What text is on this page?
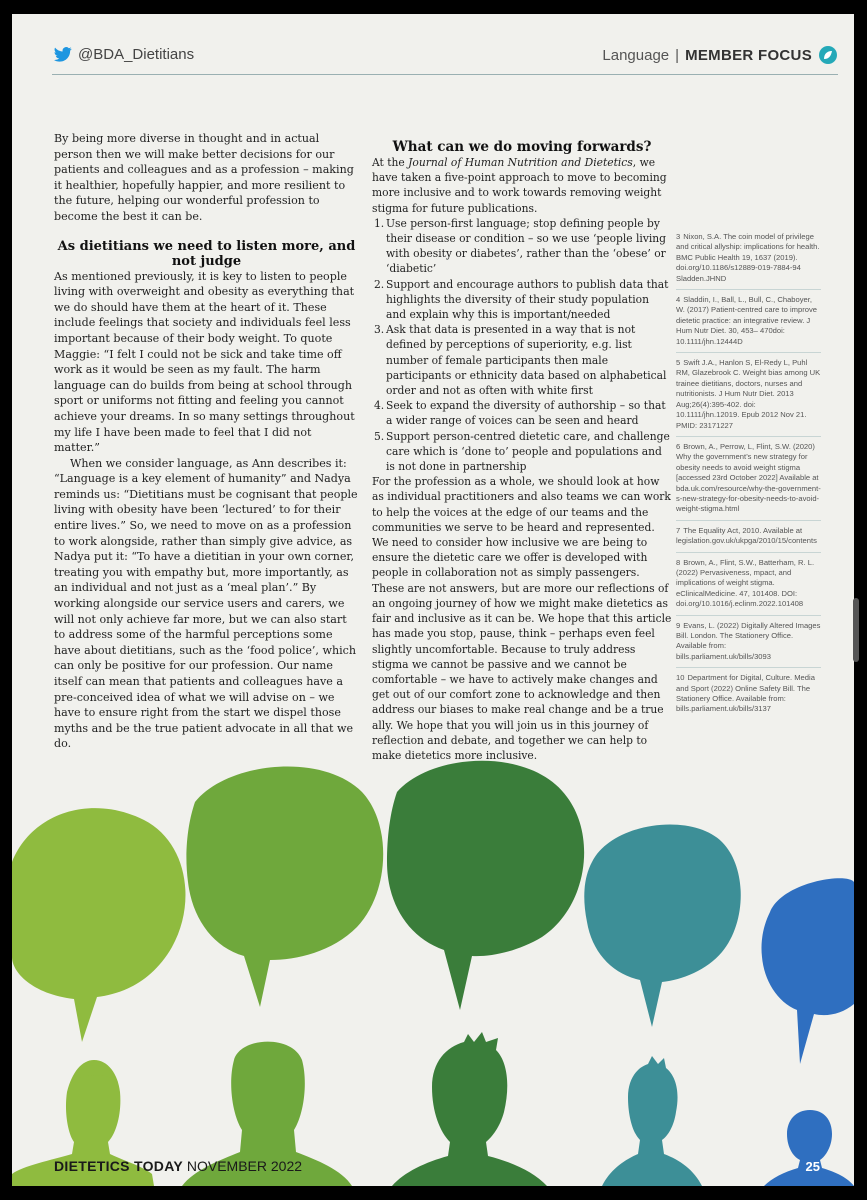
@BDA_Dietitians	Language | MEMBER FOCUS

By being more diverse in thought and in actual person then we will make better decisions for our patients and colleagues and as a profession – making it healthier, hopefully happier, and more resilient to the future, helping our wonderful profession to become the best it can be.

As dietitians we need to listen more, and not judge

As mentioned previously, it is key to listen to people living with overweight and obesity as everything that we do should have them at the heart of it. These include feelings that society and individuals feel less important because of their body weight. To quote Maggie: “I felt I could not be sick and take time off work as it would be seen as my fault. The harm language can do builds from being at school through sport or uniforms not fitting and feeling you cannot achieve your dreams. In so many settings throughout my life I have been made to feel that I did not matter.”

When we consider language, as Ann describes it: “Language is a key element of humanity” and Nadya reminds us: “Dietitians must be cognisant that people living with obesity have been ‘lectured’ to for their entire lives.” So, we need to move on as a profession to work alongside, rather than simply give advice, as Nadya put it: “To have a dietitian in your own corner, treating you with empathy but, more importantly, as an individual and not just as a ‘meal plan’.” By working alongside our service users and carers, we will not only achieve far more, but we can also start to address some of the harmful perceptions some have about dietitians, such as the ‘food police’, which can only be positive for our profession. Our name itself can mean that patients and colleagues have a pre-conceived idea of what we will advise on – we have to ensure right from the start we dispel those myths and be the true patient advocate in all that we do.

What can we do moving forwards?

At the Journal of Human Nutrition and Dietetics, we have taken a five-point approach to move to becoming more inclusive and to work towards removing weight stigma for future publications.

1. Use person-first language; stop defining people by their disease or condition – so we use ‘people living with obesity or diabetes’, rather than the ‘obese’ or ‘diabetic’
2. Support and encourage authors to publish data that highlights the diversity of their study population and explain why this is important/needed
3. Ask that data is presented in a way that is not defined by perceptions of superiority, e.g. list number of female participants then male participants or ethnicity data based on alphabetical order and not as often with white first
4. Seek to expand the diversity of authorship – so that a wider range of voices can be seen and heard
5. Support person-centred dietetic care, and challenge care which is ‘done to’ people and populations and is not done in partnership

For the profession as a whole, we should look at how as individual practitioners and also teams we can work to help the voices at the edge of our teams and the communities we serve to be heard and represented. We need to consider how inclusive we are being to ensure the dietetic care we offer is developed with people in collaboration not as simply passengers. These are not answers, but are more our reflections of an ongoing journey of how we might make dietetics as fair and inclusive as it can be. We hope that this article has made you stop, pause, think – perhaps even feel slightly uncomfortable. Because to truly address stigma we cannot be passive and we cannot be comfortable – we have to actively make changes and get out of our comfort zone to acknowledge and then address our biases to make real change and be a true ally. We hope that you will join us in this journey of reflection and debate, and together we can help to make dietetics more inclusive.

3 Nixon, S.A. The coin model of privilege and critical allyship: implications for health. BMC Public Health 19, 1637 (2019). doi.org/10.1186/s12889-019-7884-94 Sladden.JHND
4 Sladdin, I., Ball, L., Bull, C., Chaboyer, W. (2017) Patient-centred care to improve dietetic practice: an integrative review. J Hum Nutr Diet. 30, 453– 470doi: 10.1111/jhn.12444D
5 Swift J.A., Hanlon S, El-Redy L, Puhl RM, Glazebrook C. Weight bias among UK trainee dietitians, doctors, nurses and nutritionists. J Hum Nutr Diet. 2013 Aug;26(4):395-402. doi: 10.1111/jhn.12019. Epub 2012 Nov 21. PMID: 23171227
6 Brown, A., Perrow, L, Flint, S.W. (2020) Why the government’s new strategy for obesity needs to avoid weight stigma [accessed 23rd October 2022] Available at bda.uk.com/resource/why-the-government-s-new-strategy-for-obesity-needs-to-avoid-weight-stigma.html
7 The Equality Act, 2010. Available at legislation.gov.uk/ukpga/2010/15/contents
8 Brown, A., Flint, S.W., Batterham, R. L. (2022) Pervasiveness, mpact, and implications of weight stigma. eClinicalMedicine. 47, 101408. DOI: doi.org/10.1016/j.eclinm.2022.101408
9 Evans, L. (2022) Digitally Altered Images Bill. London. The Stationery Office. Available from: bills.parliament.uk/bills/3093
10 Department for Digital, Culture. Media and Sport (2022) Online Safety Bill. The Stationery Office. Available from: bills.parliament.uk/bills/3137
DIETETICS TODAY NOVEMBER 2022	25
